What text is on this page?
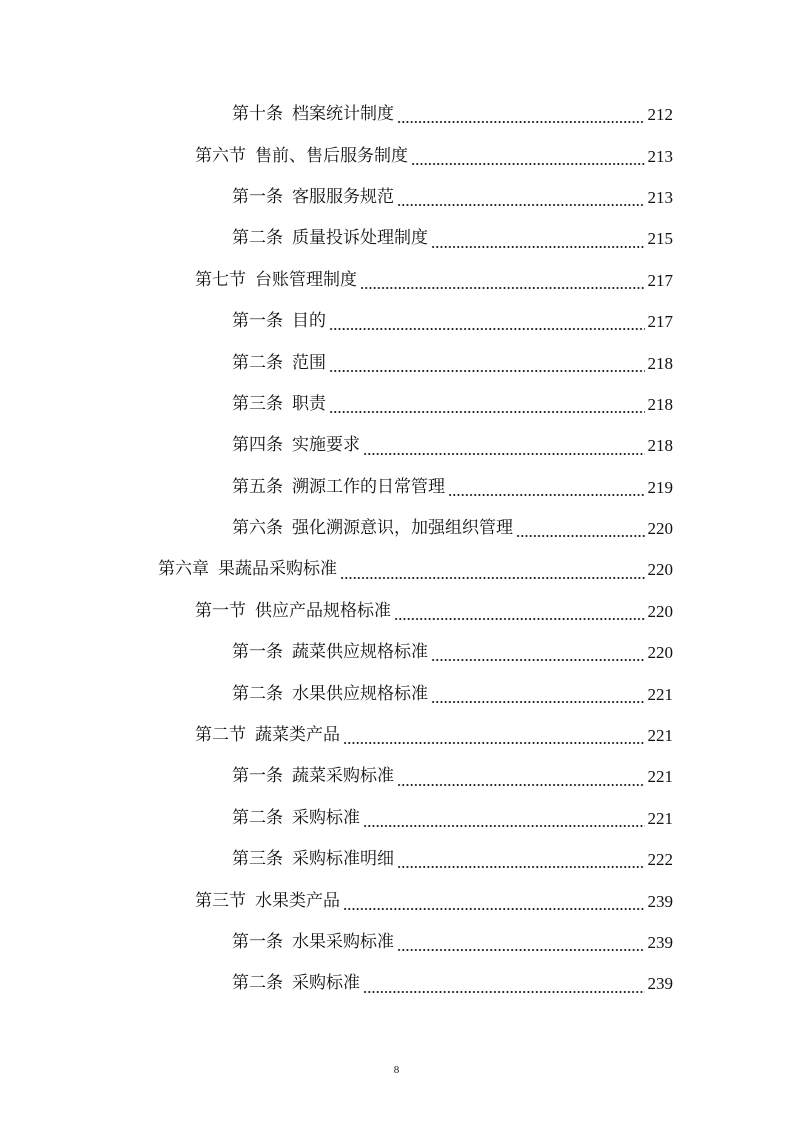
第十条 档案统计制度	212
第六节 售前、售后服务制度	213
第一条 客服服务规范	213
第二条 质量投诉处理制度	215
第七节 台账管理制度	217
第一条 目的	217
第二条 范围	218
第三条 职责	218
第四条 实施要求	218
第五条 溯源工作的日常管理	219
第六条 强化溯源意识，加强组织管理	220
第六章 果蔬品采购标准	220
第一节 供应产品规格标准	220
第一条 蔬菜供应规格标准	220
第二条 水果供应规格标准	221
第二节 蔬菜类产品	221
第一条 蔬菜采购标准	221
第二条 采购标准	221
第三条 采购标准明细	222
第三节 水果类产品	239
第一条 水果采购标准	239
第二条 采购标准	239
8
